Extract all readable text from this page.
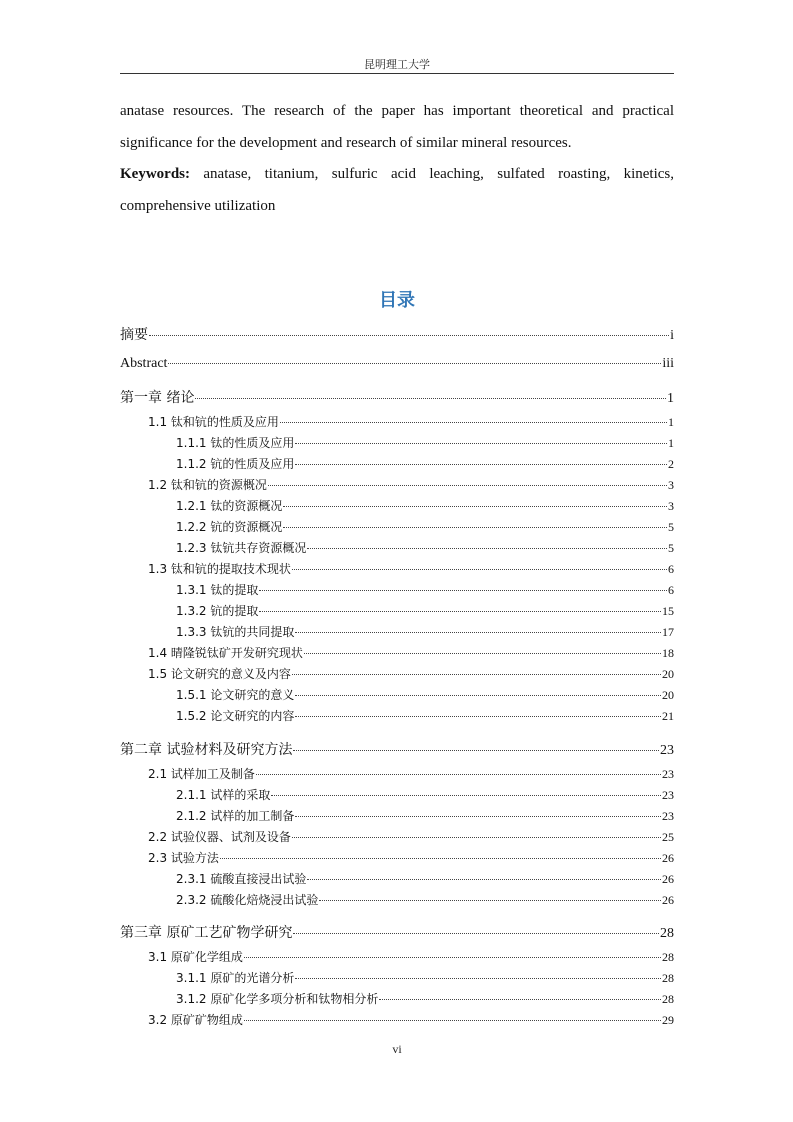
昆明理工大学

anatase resources. The research of the paper has important theoretical and practical

significance for the development and research of similar mineral resources.

Keywords: anatase, titanium, sulfuric acid leaching, sulfated roasting, kinetics,

comprehensive utilization

目录
摘要	i
Abstract	iii
第一章 绪论	1
1.1 钛和钪的性质及应用	1
1.1.1 钛的性质及应用	1
1.1.2 钪的性质及应用	2
1.2 钛和钪的资源概况	3
1.2.1 钛的资源概况	3
1.2.2 钪的资源概况	5
1.2.3 钛钪共存资源概况	5
1.3 钛和钪的提取技术现状	6
1.3.1 钛的提取	6
1.3.2 钪的提取	15
1.3.3 钛钪的共同提取	17
1.4 晴隆锐钛矿开发研究现状	18
1.5 论文研究的意义及内容	20
1.5.1 论文研究的意义	20
1.5.2 论文研究的内容	21
第二章 试验材料及研究方法	23
2.1 试样加工及制备	23
2.1.1 试样的采取	23
2.1.2 试样的加工制备	23
2.2 试验仪器、试剂及设备	25
2.3 试验方法	26
2.3.1 硫酸直接浸出试验	26
2.3.2 硫酸化焙烧浸出试验	26
第三章 原矿工艺矿物学研究	28
3.1 原矿化学组成	28
3.1.1 原矿的光谱分析	28
3.1.2 原矿化学多项分析和钛物相分析	28
3.2 原矿矿物组成	29
vi
